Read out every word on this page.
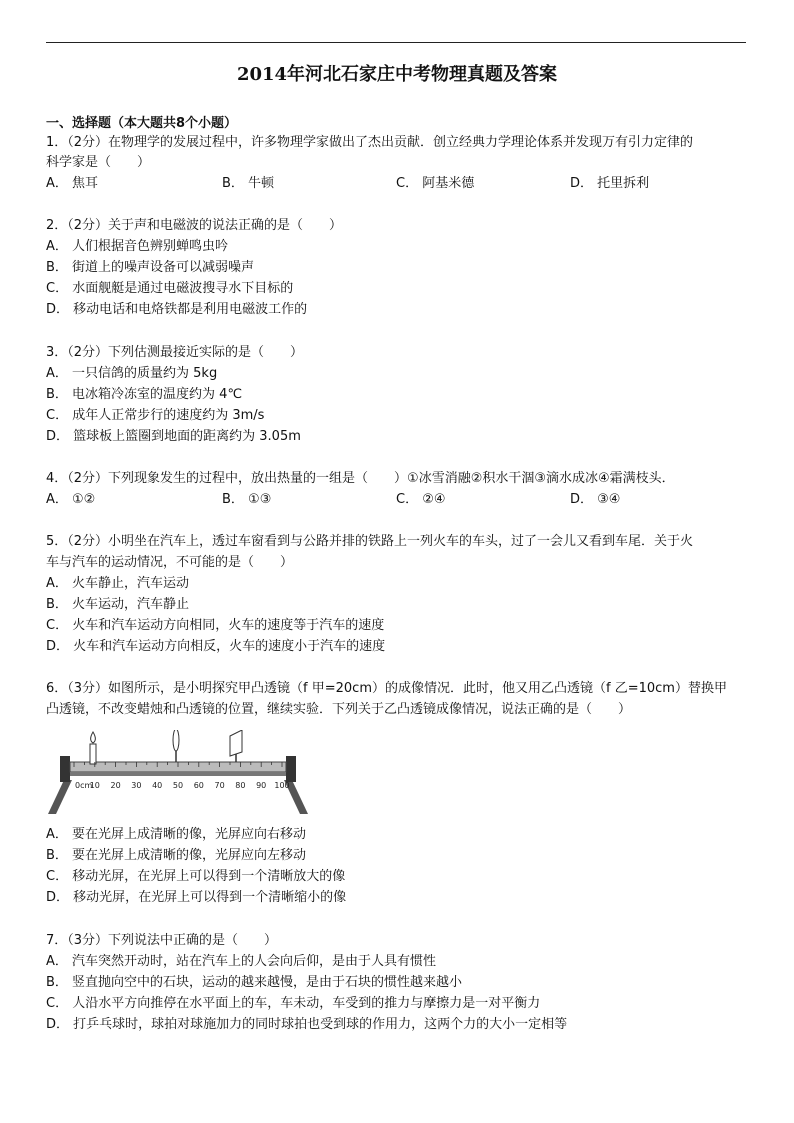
2014年河北石家庄中考物理真题及答案
一、选择题（本大题共8个小题）
1．（2分）在物理学的发展过程中，许多物理学家做出了杰出贡献．创立经典力学理论体系并发现万有引力定律的
科学家是（　　）
A． 焦耳	B． 牛顿	C． 阿基米德	D． 托里拆利
2．（2分）关于声和电磁波的说法正确的是（　　）
A． 人们根据音色辨别蝉鸣虫吟
B． 街道上的噪声设备可以减弱噪声
C． 水面舰艇是通过电磁波搜寻水下目标的
D． 移动电话和电烙铁都是利用电磁波工作的
3．（2分）下列估测最接近实际的是（　　）
A． 一只信鸽的质量约为 5kg
B． 电冰箱冷冻室的温度约为 4℃
C． 成年人正常步行的速度约为 3m/s
D． 篮球板上篮圈到地面的距离约为 3.05m
4．（2分）下列现象发生的过程中，放出热量的一组是（　　）①冰雪消融②积水干涸③滴水成冰④霜满枝头．
A． ①②	B． ①③	C． ②④	D． ③④
5．（2分）小明坐在汽车上，透过车窗看到与公路并排的铁路上一列火车的车头，过了一会儿又看到车尾．关于火
车与汽车的运动情况，不可能的是（　　）
A． 火车静止，汽车运动
B． 火车运动，汽车静止
C． 火车和汽车运动方向相同，火车的速度等于汽车的速度
D． 火车和汽车运动方向相反，火车的速度小于汽车的速度
6．（3分）如图所示，是小明探究甲凸透镜（f 甲=20cm）的成像情况．此时，他又用乙凸透镜（f 乙=10cm）替换甲
凸透镜，不改变蜡烛和凸透镜的位置，继续实验．下列关于乙凸透镜成像情况，说法正确的是（　　）
0cm
10 20 30 40 50 60 70 80 90 100
A． 要在光屏上成清晰的像，光屏应向右移动
B． 要在光屏上成清晰的像，光屏应向左移动
C． 移动光屏，在光屏上可以得到一个清晰放大的像
D． 移动光屏，在光屏上可以得到一个清晰缩小的像
7．（3分）下列说法中正确的是（　　）
A． 汽车突然开动时，站在汽车上的人会向后仰，是由于人具有惯性
B． 竖直抛向空中的石块，运动的越来越慢，是由于石块的惯性越来越小
C． 人沿水平方向推停在水平面上的车，车未动，车受到的推力与摩擦力是一对平衡力
D． 打乒乓球时，球拍对球施加力的同时球拍也受到球的作用力，这两个力的大小一定相等
